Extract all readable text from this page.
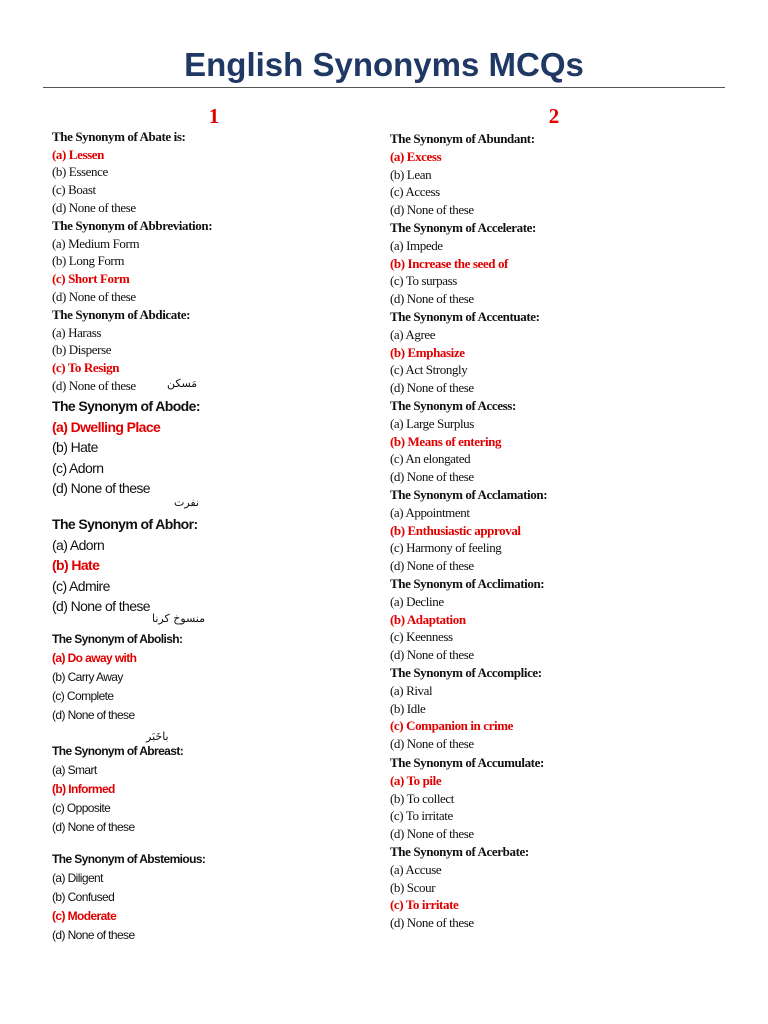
English Synonyms MCQs
1
The Synonym of Abate is:
(a) Lessen
(b) Essence
(c) Boast
(d) None of these
The Synonym of Abbreviation:
(a) Medium Form
(b) Long Form
(c) Short Form
(d) None of these
The Synonym of Abdicate:
(a) Harass
(b) Disperse
(c) To Resign
(d) None of these	مَسکن
The Synonym of Abode:
(a) Dwelling Place
(b) Hate
(c) Adorn
(d) None of these
نفرت
The Synonym of Abhor:
(a) Adorn
(b) Hate
(c) Admire
(d) None of these
منسوخ کرنا
The Synonym of Abolish:
(a) Do away with
(b) Carry Away
(c) Complete
(d) None of these
باخَبَر
The Synonym of Abreast:
(a) Smart
(b) Informed
(c) Opposite
(d) None of these
The Synonym of Abstemious:
(a) Diligent
(b) Confused
(c) Moderate
(d) None of these
2
The Synonym of Abundant:
(a) Excess
(b) Lean
(c) Access
(d) None of these
The Synonym of Accelerate:
(a) Impede
(b) Increase the seed of
(c) To surpass
(d) None of these
The Synonym of Accentuate:
(a) Agree
(b) Emphasize
(c) Act Strongly
(d) None of these
The Synonym of Access:
(a) Large Surplus
(b) Means of entering
(c) An elongated
(d) None of these
The Synonym of Acclamation:
(a) Appointment
(b) Enthusiastic approval
(c) Harmony of feeling
(d) None of these
The Synonym of Acclimation:
(a) Decline
(b) Adaptation
(c) Keenness
(d) None of these
The Synonym of Accomplice:
(a) Rival
(b) Idle
(c) Companion in crime
(d) None of these
The Synonym of Accumulate:
(a) To pile
(b) To collect
(c) To irritate
(d) None of these
The Synonym of Acerbate:
(a) Accuse
(b) Scour
(c) To irritate
(d) None of these
